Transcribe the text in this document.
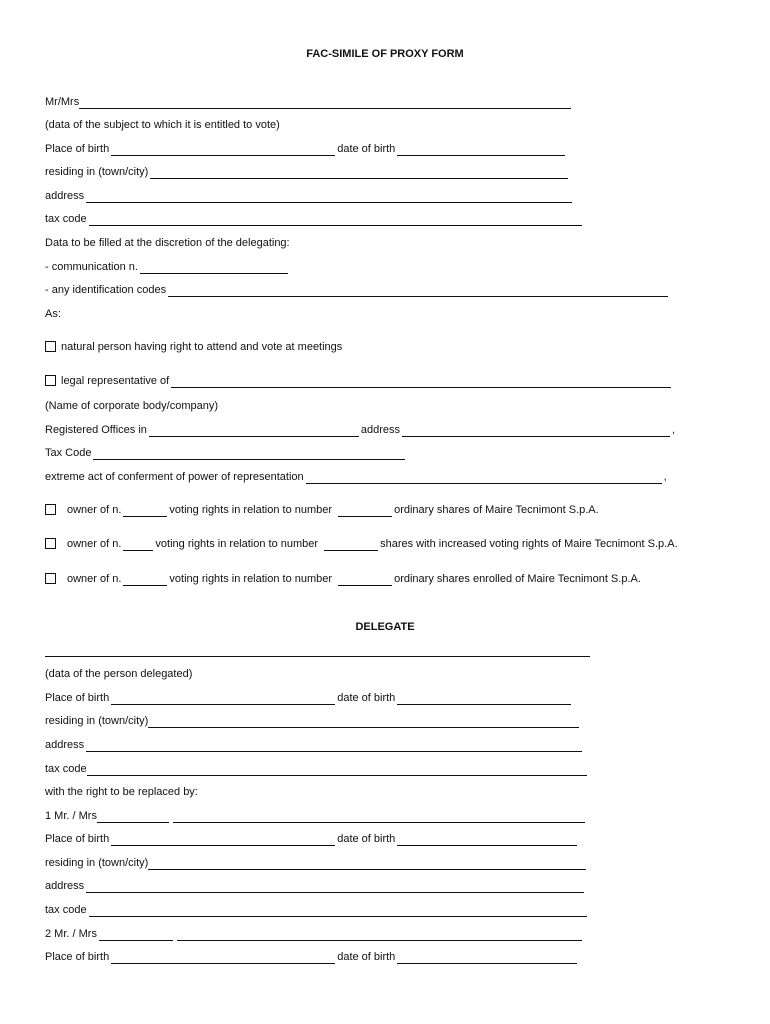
FAC-SIMILE OF PROXY FORM
Mr/Mrs
(data of the subject to which it is entitled to vote)
Place of birth	date of birth
residing in (town/city)
address
tax code
Data to be filled at the discretion of the delegating:
- communication n.
- any identification codes
As:
natural person having right to attend and vote at meetings
legal representative of
(Name of corporate body/company)
Registered Offices in	address	,
Tax Code
extreme act of conferment of power of representation	,
owner of n.	voting rights in relation to number	ordinary shares of Maire Tecnimont S.p.A.
owner of n.	voting rights in relation to number	shares with increased voting rights of Maire Tecnimont S.p.A.
owner of n.	voting rights in relation to number	ordinary shares enrolled of Maire Tecnimont S.p.A.
DELEGATE
(data of the person delegated)
Place of birth	date of birth
residing in (town/city)
address
tax code
with the right to be replaced by:
1 Mr. / Mrs
Place of birth	date of birth
residing in (town/city)
address
tax code
2 Mr. / Mrs
Place of birth	date of birth
